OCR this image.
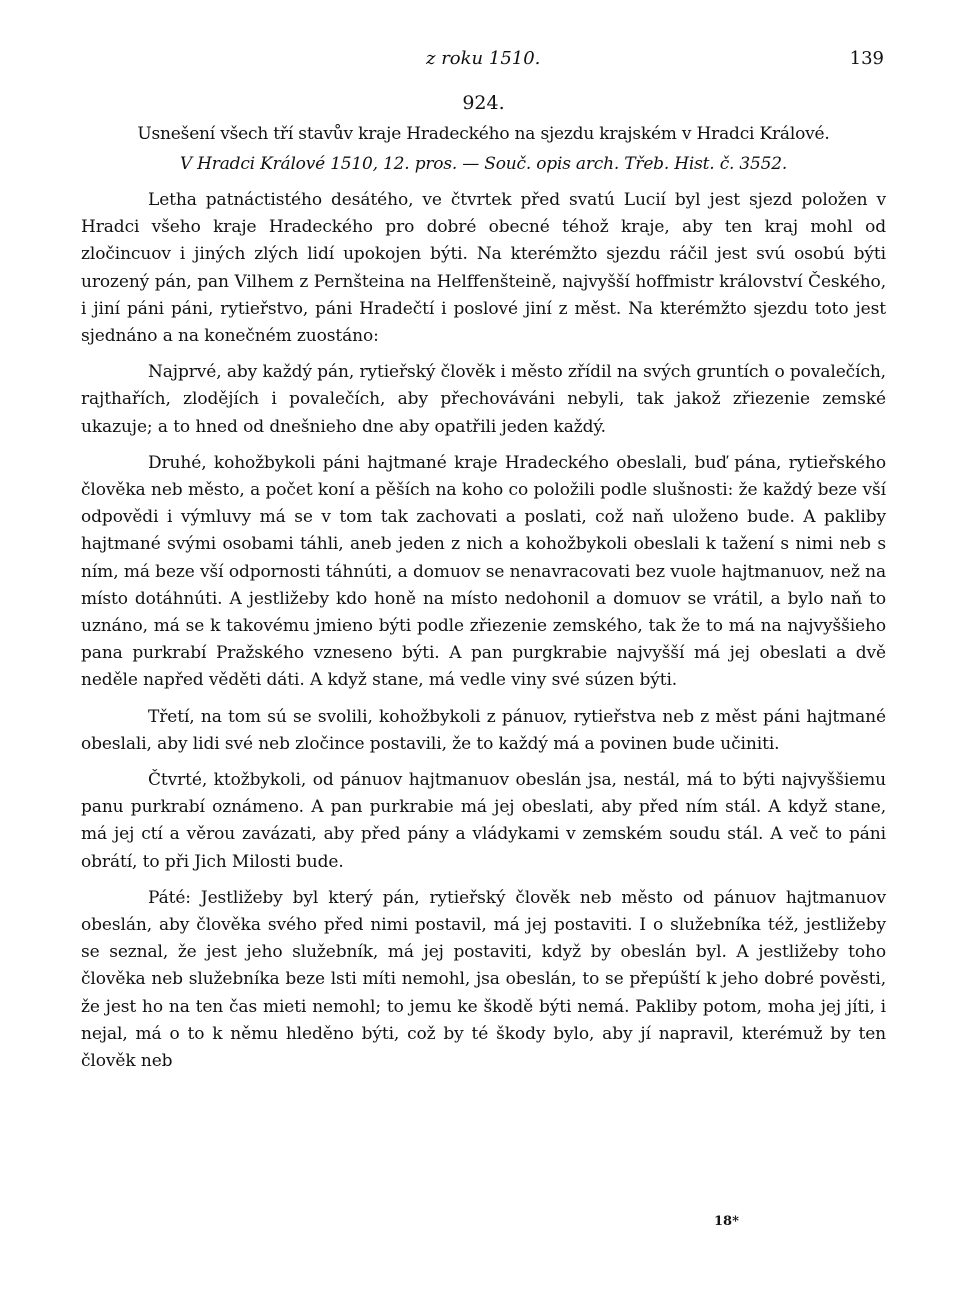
z roku 1510.	139
924.
Usnešení všech tří stavův kraje Hradeckého na sjezdu krajském v Hradci Králové.
V Hradci Králové 1510, 12. pros. — Souč. opis arch. Třeb. Hist. č. 3552.

Letha patnáctistého desátého, ve čtvrtek před svatú Lucií byl jest sjezd položen v Hradci všeho kraje Hradeckého pro dobré obecné téhož kraje, aby ten kraj mohl od zločincuov i jiných zlých lidí upokojen býti. Na kterémžto sjezdu ráčil jest svú osobú býti urozený pán, pan Vilhem z Pernšteina na Helffenšteině, najvyšší hoffmistr království Českého, i jiní páni páni, rytieřstvo, páni Hradečtí i poslové jiní z měst. Na kterémžto sjezdu toto jest sjednáno a na konečném zuostáno:

Najprvé, aby každý pán, rytieřský člověk i město zřídil na svých gruntích o povalečích, rajthařích, zlodějích i povalečích, aby přechováváni nebyli, tak jakož zřiezenie zemské ukazuje; a to hned od dnešnieho dne aby opatřili jeden každý.

Druhé, kohožbykoli páni hajtmané kraje Hradeckého obeslali, buď pána, rytieřského člověka neb město, a počet koní a pěších na koho co položili podle slušnosti: že každý beze vší odpovědi i výmluvy má se v tom tak zachovati a poslati, což naň uloženo bude. A pakliby hajtmané svými osobami táhli, aneb jeden z nich a kohožbykoli obeslali k tažení s nimi neb s ním, má beze vší odpornosti táhnúti, a domuov se nenavracovati bez vuole hajtmanuov, než na místo dotáhnúti. A jestližeby kdo honě na místo nedohonil a domuov se vrátil, a bylo naň to uznáno, má se k takovému jmieno býti podle zřiezenie zemského, tak že to má na najvyššieho pana purkrabí Pražského vzneseno býti. A pan purgkrabie najvyšší má jej obeslati a dvě neděle napřed věděti dáti. A když stane, má vedle viny své súzen býti.

Třetí, na tom sú se svolili, kohožbykoli z pánuov, rytieřstva neb z měst páni hajtmané obeslali, aby lidi své neb zločince postavili, že to každý má a povinen bude učiniti.

Čtvrté, ktožbykoli, od pánuov hajtmanuov obeslán jsa, nestál, má to býti najvyššiemu panu purkrabí oznámeno. A pan purkrabie má jej obeslati, aby před ním stál. A když stane, má jej ctí a věrou zavázati, aby před pány a vládykami v zemském soudu stál. A več to páni obrátí, to při Jich Milosti bude.

Páté: Jestližeby byl který pán, rytieřský člověk neb město od pánuov hajtmanuov obeslán, aby člověka svého před nimi postavil, má jej postaviti. I o služebníka též, jestližeby se seznal, že jest jeho služebník, má jej postaviti, když by obeslán byl. A jestližeby toho člověka neb služebníka beze lsti míti nemohl, jsa obeslán, to se přepúští k jeho dobré pověsti, že jest ho na ten čas mieti nemohl; to jemu ke škodě býti nemá. Pakliby potom, moha jej jíti, i nejal, má o to k němu hleděno býti, což by té škody bylo, aby jí napravil, kterémuž by ten člověk neb

18*
